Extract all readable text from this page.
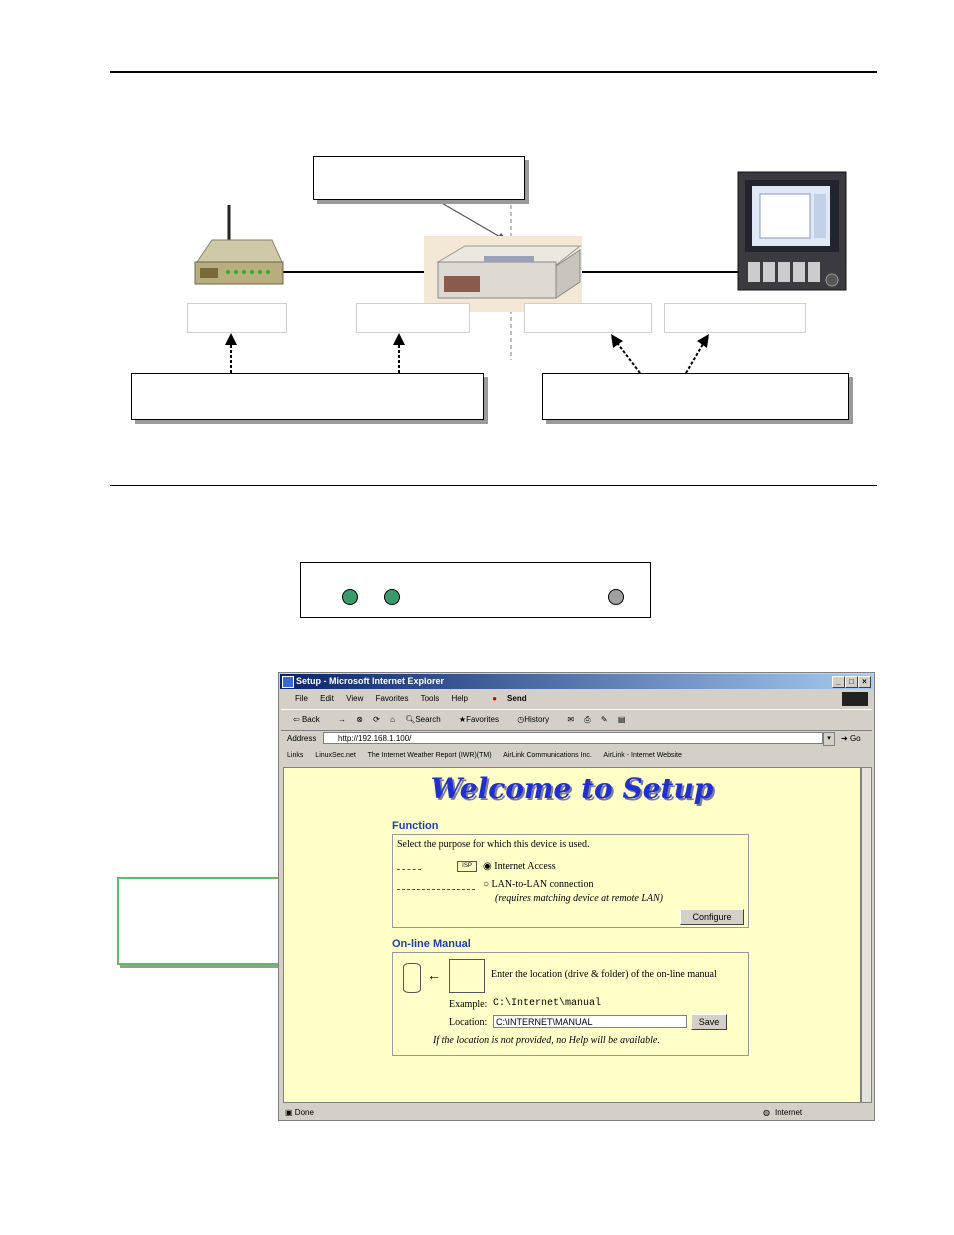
Setup - Microsoft Internet Explorer	_	□	×
File Edit View Favorites Tools Help	● Send
⇦ Back → ⊗ ⟳ ⌂ 🔍︎Search ★Favorites ◷History ✉ ⎙ ✎ ▤
Address	http://192.168.1.100/	▾	➜ Go
Links LinuxSec.net The Internet Weather Report (IWR)(TM) AirLink Communications Inc. AirLink - Internet Website
Welcome to Setup
Function
Select the purpose for which this device is used.
ISP	◉ Internet Access
○ LAN-to-LAN connection
(requires matching device at remote LAN)
Configure
On-line Manual
←	Enter the location (drive & folder) of the on-line manual
Example: C:\Internet\manual
Location: C:\INTERNET\MANUAL	Save
If the location is not provided, no Help will be available.
▣ Done	◍ Internet
